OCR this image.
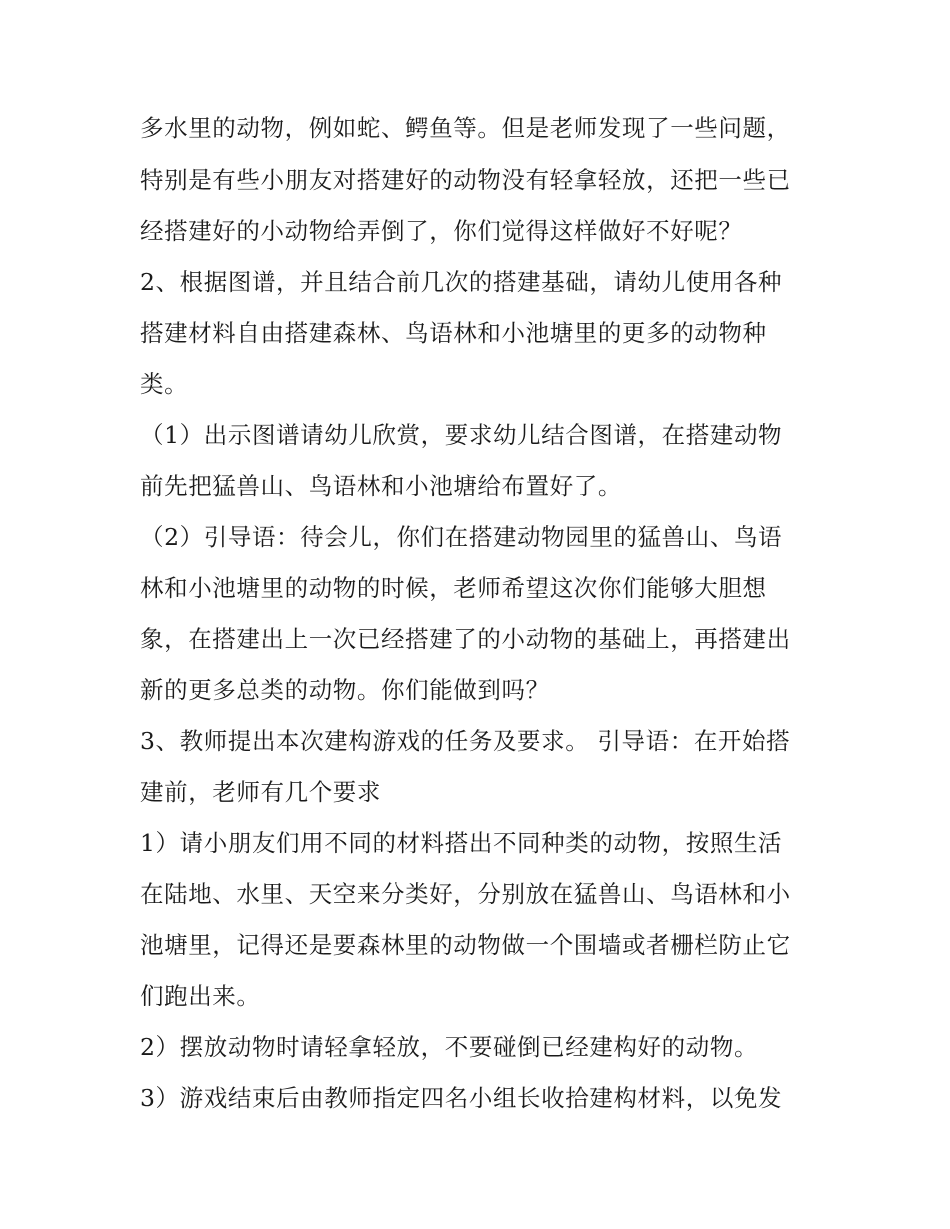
多水里的动物，例如蛇、鳄鱼等。但是老师发现了一些问题，
特别是有些小朋友对搭建好的动物没有轻拿轻放，还把一些已
经搭建好的小动物给弄倒了，你们觉得这样做好不好呢？
2、根据图谱，并且结合前几次的搭建基础，请幼儿使用各种
搭建材料自由搭建森林、鸟语林和小池塘里的更多的动物种
类。
（1）出示图谱请幼儿欣赏，要求幼儿结合图谱，在搭建动物
前先把猛兽山、鸟语林和小池塘给布置好了。
（2）引导语：待会儿，你们在搭建动物园里的猛兽山、鸟语
林和小池塘里的动物的时候，老师希望这次你们能够大胆想
象，在搭建出上一次已经搭建了的小动物的基础上，再搭建出
新的更多总类的动物。你们能做到吗？
3、教师提出本次建构游戏的任务及要求。 引导语：在开始搭
建前，老师有几个要求
1）请小朋友们用不同的材料搭出不同种类的动物，按照生活
在陆地、水里、天空来分类好，分别放在猛兽山、鸟语林和小
池塘里，记得还是要森林里的动物做一个围墙或者栅栏防止它
们跑出来。
2）摆放动物时请轻拿轻放，不要碰倒已经建构好的动物。
3）游戏结束后由教师指定四名小组长收拾建构材料，以免发
